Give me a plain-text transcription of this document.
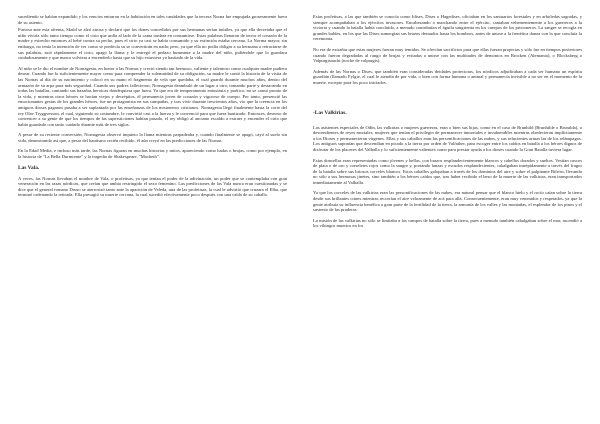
sucediendo se habían expandido y los vencios entraron en la habitación en tales cantidades que la tercera Norna fue empujada groseramente fuera de su asiento.

Furiosa ante esta afrenta, Skuld se alzó airosa y declaró que los dones concedidos por sus hermanas serían inútiles, ya que ella decretaba que el niño viviría sólo tanto tiempo como el cirio que ardía al lado de la cama tardara en consumirse. Estas palabras llenaron de terror el corazón de la madre y estrecho entonces al bebé contra su pecho, pues el cirio ya casi se había consumido y su extinción estaba cercana. La Norma mayor, sin embargo, no tenía la intención de ver como se predecía su se convertirán en nada; pero, ya que ella no podía obligar a su hermana a retractarse de sus palabras, asió rápidamente el cirio, apagó la llama y le entregó el pedazo humeante a la madre del niño, pidiéndole que lo guardara cuidadosamente y que nunca volviera a encenderlo hasta que su hijo estuviera ya hastiado de la vida.

Al niño se le dio el nombre de Nornagesta, en honor a las Nornas y creció siendo tan hermoso, valiente y talentoso como cualquier madre pudiera desear. Cuando fue lo suficientemente mayor como para comprender la solemnidad de su obligación, su madre le contó la historia de la visita de las Nornas al día de su nacimiento y colocó en su mano el fragmento de vela que quedaba, el cual guardó durante muchos años, dentro del armazón de su arpa para más seguridad. Cuando sus padres fallecieron, Nornagesta deambuló de un lugar a otro, tomando parte y destacando en todas las batallas, cantando sus hazañas heroicas dondequiera que fuera. Ya que era de temperamento entusiasta y poético, no se cansó pronto de la vida, y mientras otros héroes se hacían viejos y decrépitos, él permanecía joven de corazón y vigoroso de cuerpo. Por tanto, presenció las emocionantes gestas de los grandes héroes, fue un protagonista en sus campañas, y tras vivir durante trescientos años, vio que la creencia en los antiguos dioses paganos pasaba a ser suplantada por las enseñanzas de los misioneros cristianos. Nornagesta llegó finalmente hasta la corte del rey Olav Tryggvesson, el cual, siguiendo su costumbre, le convirtió casi a la fuerza y le convenció para que fuera bautizado. Entonces, deseoso de convencer a su gente de que los tiempos de las supersticiones habían pasado, el rey obligó al anciano escaldo a extraer y encender el cirio que había guardado con tanto cuidado durante más de tres siglos.

A pesar de su reciente conversión, Nornagesta observó inquieto la llama mientras parpadeaba y, cuando finalmente se apagó, cayó al suelo sin vida, demostrando así que, a pesar del bautismo recién recibido, él aún creyó en las predicciones de las Nornas.

En la Edad Media, e incluso más tarde, las Nornas figuran en muchas historias y mitos, apareciendo como hadas o brujas, como por ejemplo, en la historia de "La Bella Durmiente" y la tragedia de Shakespeare, "Macbeth".

Las Vala.

A veces, las Nornas llevaban el nombre de Vala, o profetisas, ya que tenían el poder de la adivinación, un poder que se contemplaba con gran veneración en las razas nórdicas, que creían que ambia restringido el sexo femenino. Las predicciones de las Vala nunca eran cuestionadas y se dice que el general romano Druso se aterrorizó tanto ante la aparición de Veleda, una de las profetisas, la cual le advirtió que cruzara el Elba, que terminó ordenando la retirada. Ella presagió su muerte cercana, la cual sucedió efectivamente poco después con una caída de su caballo.

Estas profetisas, a las que también se conocía como Idises, Dises o Hagedises, oficiaban en los santuarios forestales y en arboledas sagradas, y siempre acompañaban a los ejércitos invasores. Encabezando o marchando entre el ejército, cantaban vehementemente a los guerreros a la victoria y cuando la batalla había concluido, a menudo contribuían el águila sangrienta en los cuerpos de los prisioneros. La sangre se recogía en grandes baldes, en los que las Dises sumergían sus brazos desnudos hasta los hombros, antes de unirse a la frenética danza con la que concluía la ceremonia.

No era de extrañar que estas mujeres fueran muy temidas. Se ofrecían sacrificios para que ellas fueran propicias y sólo fue en tiempos posteriores cuando fueron degradadas al rango de brujas y evitadas a unirse con las multitudes de demonios en Brocken (Alemania), o Blocksberg o Valpurgisnacht (noche de valpurgis).

Además de las Nornas o Dises, que también eran consideradas deidades protectoras, los nórdicos adjudicaban a cada ser humano un espíritu guardián (llamado Fylgie, el cual le atendía de por vida, o bien con forma humana o animal y permanecía invisible a no ser en el momento de la muerte, excepto para los poco iniciados.

-Las Valkirias.

Las asistentes especiales de Odín, las valkirias o mujeres guerreras, eran o bien sus hijas, como en el caso de Brunhild (Brunhilde o Brunilda), o descendientes de reyes mortales, mujeres que tenían el privilegio de permanecer inmortales e invulnerables mientras obedecieran implícitamente a los Dioses y permanecieran vírgenes. Ellas y sus caballos eran las personificaciones de las nubes, y sus relucientes armas las de los relámpagos. Los antiguos suponían que descendían en picado a la tierra por orden de Valfather, para escoger entre los caídos en batalla a los héroes dignos de disfrutar de los placeres del Valhalla y lo suficientemente valientes como para prestar ayuda a los dioses cuando la Gran Batalla tuviera lugar.

Estas doncellas eran representadas como jóvenes y bellas, con brazos resplandecientemente blancos y cabellos dorados y sueltos. Vestían cascos de plata o de oro y corseletes rojos como la sangre y, portando lanzas y escudos resplandecientes, cabalgaban intrépidamente a través del fragor de la batalla sobre sus briosos corceles blancos. Estos caballos galopaban a través de los dominios del aire y sobre el palpitante Bifröst, llevando no sólo a sus hermosas jinetes, sino también a los héroes caídos que, tras haber recibido el beso de la muerte de las valkirias, eran transportados inmediatamente al Valhalla.

Ya que los corceles de las valkirias eran las personificaciones de las nubes, era natural pensar que el blanco hielo y el rocío caían sobre la tierra desde sus brillantes crines mientras recorrían el aire velozmente de acá para allá. Consecuentemente, eran muy venerados y respetados, ya que la gente atribuía su influencia benéfica a gran parte de la fertilidad de la tierra, la armonía de los valles y las montañas, el esplendor de los pinos y el sustento de las praderas.

La misión de las valkirias no sólo se limitaba a los campos de batalla sobre la tierra, pues a menudo también cabalgaban sobre el mar, ascendió a los vikingos muertos en los
